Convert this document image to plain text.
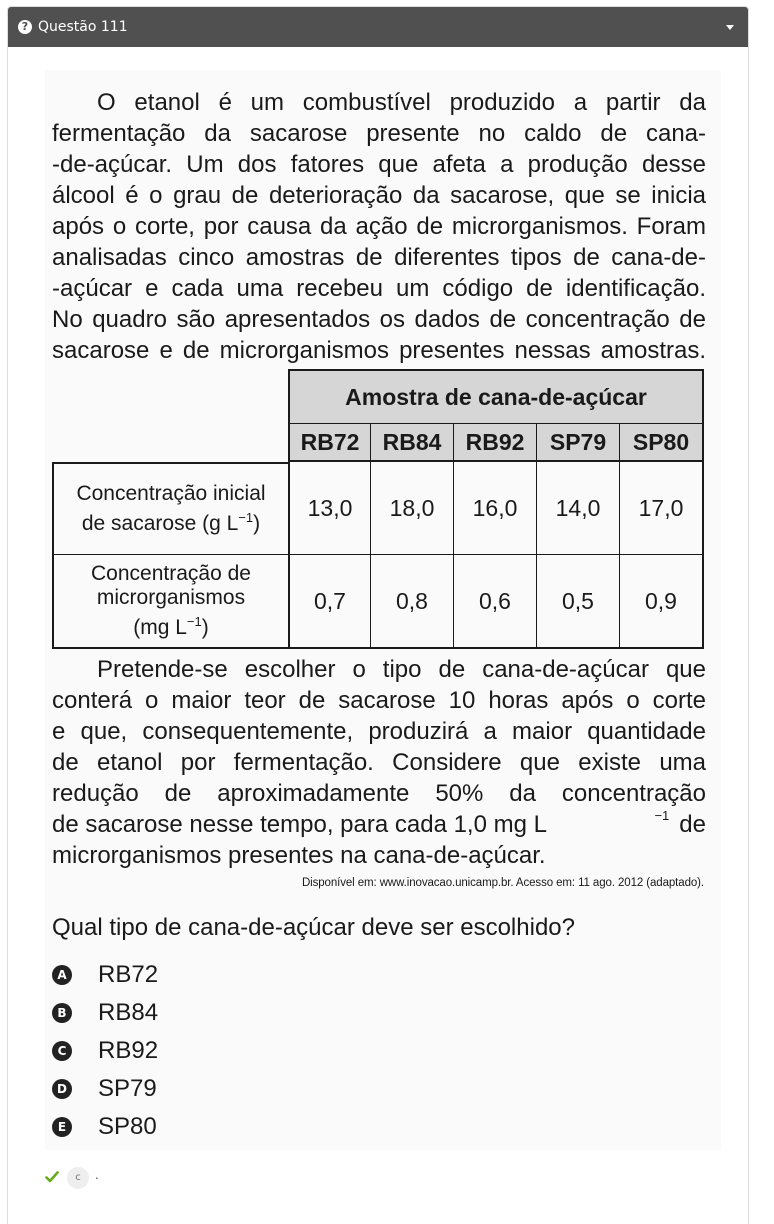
? Questão 111
O etanol é um combustível produzido a partir da
fermentação da sacarose presente no caldo de cana-
-de-açúcar. Um dos fatores que afeta a produção desse
álcool é o grau de deterioração da sacarose, que se inicia
após o corte, por causa da ação de microrganismos. Foram
analisadas cinco amostras de diferentes tipos de cana-de-
-açúcar e cada uma recebeu um código de identificação.
No quadro são apresentados os dados de concentração de
sacarose e de microrganismos presentes nessas amostras.
Amostra de cana-de-açúcar
RB72	RB84	RB92	SP79	SP80
Concentração inicial
de sacarose (g $L^{-1}$)
13,0	18,0	16,0	14,0	17,0
Concentração de
microrganismos
(mg $L^{-1}$)
0,7	0,8	0,6	0,5	0,9
Pretende-se escolher o tipo de cana-de-açúcar que
conterá o maior teor de sacarose 10 horas após o corte
e que, consequentemente, produzirá a maior quantidade
de etanol por fermentação. Considere que existe uma
redução de aproximadamente 50% da concentração
de sacarose nesse tempo, para cada 1,0 mg L	−1 de
microrganismos presentes na cana-de-açúcar.
Disponível em: www.inovacao.unicamp.br. Acesso em: 11 ago. 2012 (adaptado).
Qual tipo de cana-de-açúcar deve ser escolhido?
A RB72
B RB84
C RB92
D SP79
E SP80
c	.
